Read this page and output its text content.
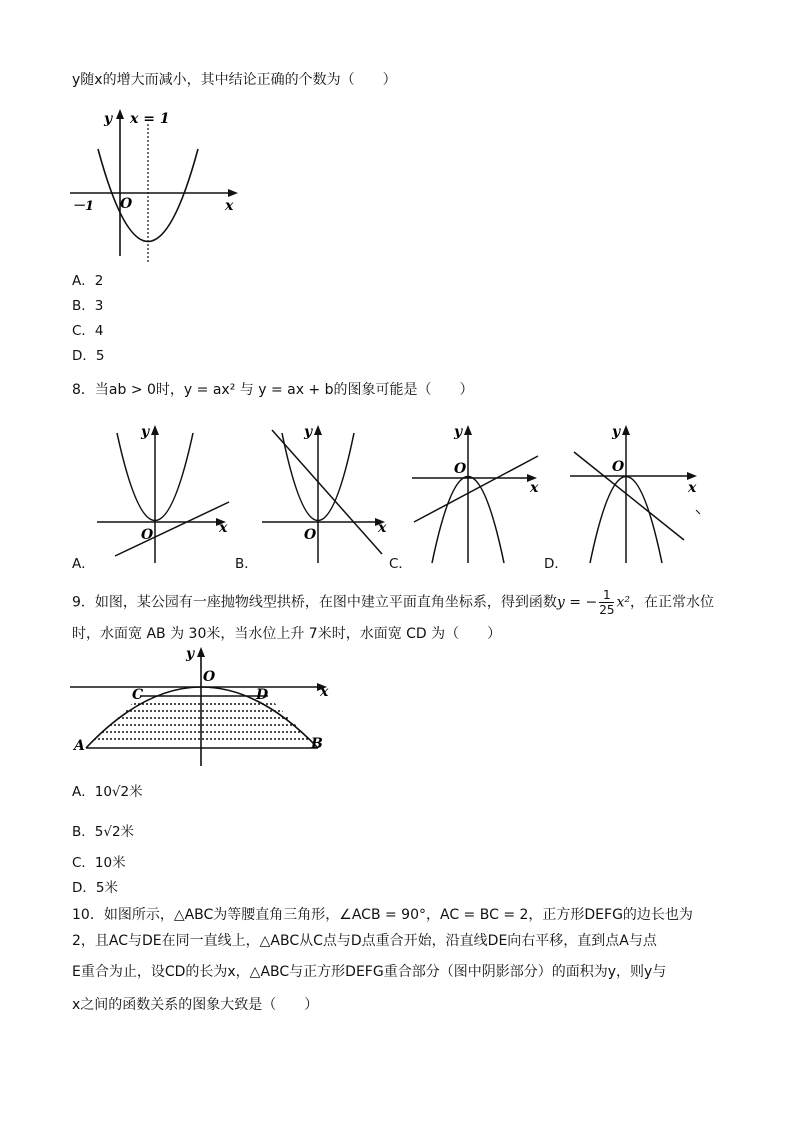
y随x的增大而减小，其中结论正确的个数为（　　）
y x = 1
－1 O	x
A．2
B．3
C．4
D．5
8．当ab > 0时，y = ax² 与 y = ax + b的图象可能是（　　）
y
O	x
A．
y
O	x
B．
y
O
x
C．
y
O
x
D．
9．如图，某公园有一座抛物线型拱桥，在图中建立平面直角坐标系，得到函数y = − $\frac{1}{25} x^2$，在正常水位
时，水面宽 AB 为 30米，当水位上升 7米时，水面宽 CD 为（　　）
y
O
x
C	D
A	B
A．10√2米
B．5√2米
C．10米
D．5米
10．如图所示，△ABC为等腰直角三角形，∠ACB = 90°，AC = BC = 2，正方形DEFG的边长也为
2，且AC与DE在同一直线上，△ABC从C点与D点重合开始，沿直线DE向右平移，直到点A与点
E重合为止，设CD的长为x，△ABC与正方形DEFG重合部分（图中阴影部分）的面积为y，则y与
x之间的函数关系的图象大致是（　　）
